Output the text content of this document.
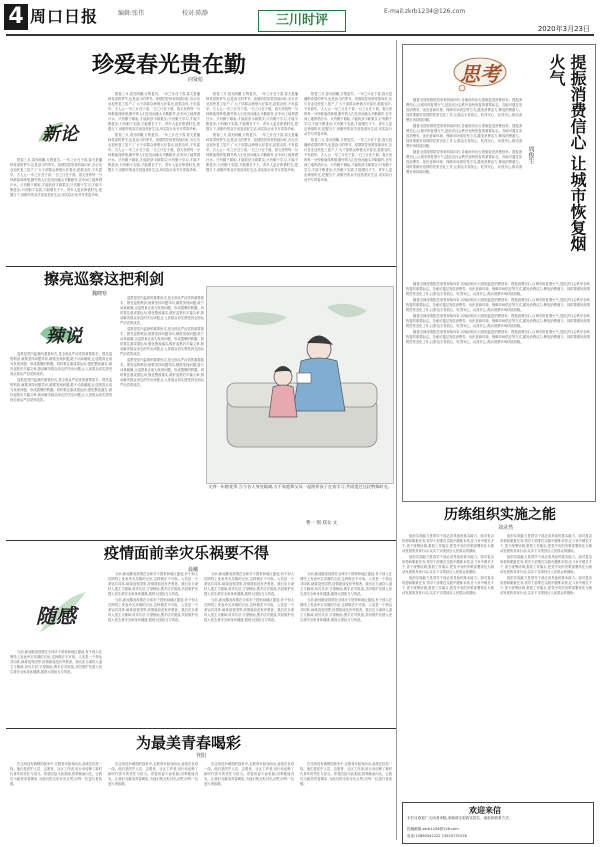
4 周口日报	编辑:张伟	校对:陈静	三川时评
E-mail:zkrb1234@126.com
2020年3月23日
珍爱春光贵在勤
向贤彪
新论

阳春三月,春光明媚,万物复苏。一年之计在于春,春天是播种希望的季节,也是奋斗的季节。疫情防控形势持续向好,各行各业加快复工复产,广大干部群众珍惜大好春光,抢抓农时,不负韶华。古人云:一年之计在于春,一日之计在于晨。春天里的每一分钟都值得珍惜,勤劳的人们在田间地头辛勤耕作,在车间工地挥洒汗水。只有勤于耕耘,才能收获丰硕果实;只有勤于学习,才能不断进步;只有勤于实践,才能增长才干。青年人更应珍惜时光,把握当下,用勤劳的双手创造美好生活,用实际行动书写青春华章。

阳春三月,春光明媚,万物复苏。一年之计在于春,春天是播种希望的季节,也是奋斗的季节。疫情防控形势持续向好,各行各业加快复工复产,广大干部群众珍惜大好春光,抢抓农时,不负韶华。古人云:一年之计在于春,一日之计在于晨。春天里的每一分钟都值得珍惜,勤劳的人们在田间地头辛勤耕作,在车间工地挥洒汗水。只有勤于耕耘,才能收获丰硕果实;只有勤于学习,才能不断进步;只有勤于实践,才能增长才干。青年人更应珍惜时光,把握当下,用勤劳的双手创造美好生活,用实际行动书写青春华章。

阳春三月,春光明媚,万物复苏。一年之计在于春,春天是播种希望的季节,也是奋斗的季节。疫情防控形势持续向好,各行各业加快复工复产,广大干部群众珍惜大好春光,抢抓农时,不负韶华。古人云:一年之计在于春,一日之计在于晨。春天里的每一分钟都值得珍惜,勤劳的人们在田间地头辛勤耕作,在车间工地挥洒汗水。只有勤于耕耘,才能收获丰硕果实;只有勤于学习,才能不断进步;只有勤于实践,才能增长才干。青年人更应珍惜时光,把握当下,用勤劳的双手创造美好生活,用实际行动书写青春华章。

阳春三月,春光明媚,万物复苏。一年之计在于春,春天是播种希望的季节,也是奋斗的季节。疫情防控形势持续向好,各行各业加快复工复产,广大干部群众珍惜大好春光,抢抓农时,不负韶华。古人云:一年之计在于春,一日之计在于晨。春天里的每一分钟都值得珍惜,勤劳的人们在田间地头辛勤耕作,在车间工地挥洒汗水。只有勤于耕耘,才能收获丰硕果实;只有勤于学习,才能不断进步;只有勤于实践,才能增长才干。青年人更应珍惜时光,把握当下,用勤劳的双手创造美好生活,用实际行动书写青春华章。

阳春三月,春光明媚,万物复苏。一年之计在于春,春天是播种希望的季节,也是奋斗的季节。疫情防控形势持续向好,各行各业加快复工复产,广大干部群众珍惜大好春光,抢抓农时,不负韶华。古人云:一年之计在于春,一日之计在于晨。春天里的每一分钟都值得珍惜,勤劳的人们在田间地头辛勤耕作,在车间工地挥洒汗水。只有勤于耕耘,才能收获丰硕果实;只有勤于学习,才能不断进步;只有勤于实践,才能增长才干。青年人更应珍惜时光,把握当下,用勤劳的双手创造美好生活,用实际行动书写青春华章。

阳春三月,春光明媚,万物复苏。一年之计在于春,春天是播种希望的季节,也是奋斗的季节。疫情防控形势持续向好,各行各业加快复工复产,广大干部群众珍惜大好春光,抢抓农时,不负韶华。古人云:一年之计在于春,一日之计在于晨。春天里的每一分钟都值得珍惜,勤劳的人们在田间地头辛勤耕作,在车间工地挥洒汗水。只有勤于耕耘,才能收获丰硕果实;只有勤于学习,才能不断进步;只有勤于实践,才能增长才干。青年人更应珍惜时光,把握当下,用勤劳的双手创造美好生活,用实际行动书写青春华章。

阳春三月,春光明媚,万物复苏。一年之计在于春,春天是播种希望的季节,也是奋斗的季节。疫情防控形势持续向好,各行各业加快复工复产,广大干部群众珍惜大好春光,抢抓农时,不负韶华。古人云:一年之计在于春,一日之计在于晨。春天里的每一分钟都值得珍惜,勤劳的人们在田间地头辛勤耕作,在车间工地挥洒汗水。只有勤于耕耘,才能收获丰硕果实;只有勤于学习,才能不断进步;只有勤于实践,才能增长才干。青年人更应珍惜时光,把握当下,用勤劳的双手创造美好生活,用实际行动书写青春华章。

擦亮巡察这把利剑
魏晓寒
辣说

巡察是党内监督的重要形式,是全面从严治党的重要抓手。擦亮巡察利剑,就要坚持问题导向,精准发现问题,敢于动真碰硬,让巡察真正成为发现问题、形成震慑的利器。同时要注重成果运用,强化整改落实,做好巡察后半篇文章,推动解决群众身边的突出问题,让人民群众切实感受到全面从严治党的成效。

巡察是党内监督的重要形式,是全面从严治党的重要抓手。擦亮巡察利剑,就要坚持问题导向,精准发现问题,敢于动真碰硬,让巡察真正成为发现问题、形成震慑的利器。同时要注重成果运用,强化整改落实,做好巡察后半篇文章,推动解决群众身边的突出问题,让人民群众切实感受到全面从严治党的成效。

巡察是党内监督的重要形式,是全面从严治党的重要抓手。擦亮巡察利剑,就要坚持问题导向,精准发现问题,敢于动真碰硬,让巡察真正成为发现问题、形成震慑的利器。同时要注重成果运用,强化整改落实,做好巡察后半篇文章,推动解决群众身边的突出问题,让人民群众切实感受到全面从严治党的成效。

巡察是党内监督的重要形式,是全面从严治党的重要抓手。擦亮巡察利剑,就要坚持问题导向,精准发现问题,敢于动真碰硬,让巡察真正成为发现问题、形成震慑的利器。同时要注重成果运用,强化整改落实,做好巡察后半篇文章,推动解决群众身边的突出问题,让人民群众切实感受到全面从严治党的成效。

巡察是党内监督的重要形式,是全面从严治党的重要抓手。擦亮巡察利剑,就要坚持问题导向,精准发现问题,敢于动真碰硬,让巡察真正成为发现问题、形成震慑的利器。同时要注重成果运用,强化整改落实,做好巡察后半篇文章,推动解决群众身边的突出问题,让人民群众切实感受到全面从严治党的成效。

又到一年植花季,当今各人身处隔离,万千家庭和父母一起陪伴孩子在家学习,共同度过这段特殊时光。
曹一 图 郑女 文
疫情面前幸灾乐祸要不得
晨曦
随感

当前,新冠肺炎疫情在全球多个国家和地区蔓延,有个别人在网络上发表幸灾乐祸的言论,这种做法不可取。人类是一个命运共同体,病毒没有国界,疫情面前没有旁观者。我们应当秉持人道主义精神,同舟共济,守望相助,携手应对挑战,共同维护各国人民生命安全和身体健康,展现大国担当与风范。

当前,新冠肺炎疫情在全球多个国家和地区蔓延,有个别人在网络上发表幸灾乐祸的言论,这种做法不可取。人类是一个命运共同体,病毒没有国界,疫情面前没有旁观者。我们应当秉持人道主义精神,同舟共济,守望相助,携手应对挑战,共同维护各国人民生命安全和身体健康,展现大国担当与风范。

当前,新冠肺炎疫情在全球多个国家和地区蔓延,有个别人在网络上发表幸灾乐祸的言论,这种做法不可取。人类是一个命运共同体,病毒没有国界,疫情面前没有旁观者。我们应当秉持人道主义精神,同舟共济,守望相助,携手应对挑战,共同维护各国人民生命安全和身体健康,展现大国担当与风范。

当前,新冠肺炎疫情在全球多个国家和地区蔓延,有个别人在网络上发表幸灾乐祸的言论,这种做法不可取。人类是一个命运共同体,病毒没有国界,疫情面前没有旁观者。我们应当秉持人道主义精神,同舟共济,守望相助,携手应对挑战,共同维护各国人民生命安全和身体健康,展现大国担当与风范。

当前,新冠肺炎疫情在全球多个国家和地区蔓延,有个别人在网络上发表幸灾乐祸的言论,这种做法不可取。人类是一个命运共同体,病毒没有国界,疫情面前没有旁观者。我们应当秉持人道主义精神,同舟共济,守望相助,携手应对挑战,共同维护各国人民生命安全和身体健康,展现大国担当与风范。

当前,新冠肺炎疫情在全球多个国家和地区蔓延,有个别人在网络上发表幸灾乐祸的言论,这种做法不可取。人类是一个命运共同体,病毒没有国界,疫情面前没有旁观者。我们应当秉持人道主义精神,同舟共济,守望相助,携手应对挑战,共同维护各国人民生命安全和身体健康,展现大国担当与风范。

当前,新冠肺炎疫情在全球多个国家和地区蔓延,有个别人在网络上发表幸灾乐祸的言论,这种做法不可取。人类是一个命运共同体,病毒没有国界,疫情面前没有旁观者。我们应当秉持人道主义精神,同舟共济,守望相助,携手应对挑战,共同维护各国人民生命安全和身体健康,展现大国担当与风范。

为最美青春喝彩
登阳

在这场没有硝烟的战争中,无数青年挺身而出,奋战在抗疫一线。他们是医护人员、志愿者、社区工作者,用行动诠释了新时代青年的责任与担当。青春因奋斗而美丽,因奉献而闪光。让我们为最美青春喝彩,为他们的无私付出点赞,向每一位逆行者致敬。

在这场没有硝烟的战争中,无数青年挺身而出,奋战在抗疫一线。他们是医护人员、志愿者、社区工作者,用行动诠释了新时代青年的责任与担当。青春因奋斗而美丽,因奉献而闪光。让我们为最美青春喝彩,为他们的无私付出点赞,向每一位逆行者致敬。

在这场没有硝烟的战争中,无数青年挺身而出,奋战在抗疫一线。他们是医护人员、志愿者、社区工作者,用行动诠释了新时代青年的责任与担当。青春因奋斗而美丽,因奉献而闪光。让我们为最美青春喝彩,为他们的无私付出点赞,向每一位逆行者致敬。

在这场没有硝烟的战争中,无数青年挺身而出,奋战在抗疫一线。他们是医护人员、志愿者、社区工作者,用行动诠释了新时代青年的责任与担当。青春因奋斗而美丽,因奉献而闪光。让我们为最美青春喝彩,为他们的无私付出点赞,向每一位逆行者致敬。

思考	提振消费信心 让城市恢复烟火气
周俊生

随着全国疫情防控形势持续向好,各地纷纷出台措施促进消费回补。提振消费信心,让城市恢复烟火气,是经济社会秩序加快恢复的重要标志。各地可通过发放消费券、优化营商环境、保障市场供应等方式,激发消费活力,释放消费潜力。同时要做好疫情防控常态化工作,让群众买得放心、吃得安心、玩得开心,推动消费市场持续回暖。

随着全国疫情防控形势持续向好,各地纷纷出台措施促进消费回补。提振消费信心,让城市恢复烟火气,是经济社会秩序加快恢复的重要标志。各地可通过发放消费券、优化营商环境、保障市场供应等方式,激发消费活力,释放消费潜力。同时要做好疫情防控常态化工作,让群众买得放心、吃得安心、玩得开心,推动消费市场持续回暖。

随着全国疫情防控形势持续向好,各地纷纷出台措施促进消费回补。提振消费信心,让城市恢复烟火气,是经济社会秩序加快恢复的重要标志。各地可通过发放消费券、优化营商环境、保障市场供应等方式,激发消费活力,释放消费潜力。同时要做好疫情防控常态化工作,让群众买得放心、吃得安心、玩得开心,推动消费市场持续回暖。

随着全国疫情防控形势持续向好,各地纷纷出台措施促进消费回补。提振消费信心,让城市恢复烟火气,是经济社会秩序加快恢复的重要标志。各地可通过发放消费券、优化营商环境、保障市场供应等方式,激发消费活力,释放消费潜力。同时要做好疫情防控常态化工作,让群众买得放心、吃得安心、玩得开心,推动消费市场持续回暖。

随着全国疫情防控形势持续向好,各地纷纷出台措施促进消费回补。提振消费信心,让城市恢复烟火气,是经济社会秩序加快恢复的重要标志。各地可通过发放消费券、优化营商环境、保障市场供应等方式,激发消费活力,释放消费潜力。同时要做好疫情防控常态化工作,让群众买得放心、吃得安心、玩得开心,推动消费市场持续回暖。

随着全国疫情防控形势持续向好,各地纷纷出台措施促进消费回补。提振消费信心,让城市恢复烟火气,是经济社会秩序加快恢复的重要标志。各地可通过发放消费券、优化营商环境、保障市场供应等方式,激发消费活力,释放消费潜力。同时要做好疫情防控常态化工作,让群众买得放心、吃得安心、玩得开心,推动消费市场持续回暖。

随着全国疫情防控形势持续向好,各地纷纷出台措施促进消费回补。提振消费信心,让城市恢复烟火气,是经济社会秩序加快恢复的重要标志。各地可通过发放消费券、优化营商环境、保障市场供应等方式,激发消费活力,释放消费潜力。同时要做好疫情防控常态化工作,让群众买得放心、吃得安心、玩得开心,推动消费市场持续回暖。

历练组织实施之能
刘录然

组织实施能力是领导干部必须具备的基本能力。面对复杂形势和繁重任务,领导干部要在实践中磨炼本领,在斗争中增长才干,善于统筹协调,狠抓工作落实,把党中央的决策部署转化为推动发展的具体行动,以实干实绩回应人民群众的期盼。

组织实施能力是领导干部必须具备的基本能力。面对复杂形势和繁重任务,领导干部要在实践中磨炼本领,在斗争中增长才干,善于统筹协调,狠抓工作落实,把党中央的决策部署转化为推动发展的具体行动,以实干实绩回应人民群众的期盼。

组织实施能力是领导干部必须具备的基本能力。面对复杂形势和繁重任务,领导干部要在实践中磨炼本领,在斗争中增长才干,善于统筹协调,狠抓工作落实,把党中央的决策部署转化为推动发展的具体行动,以实干实绩回应人民群众的期盼。

组织实施能力是领导干部必须具备的基本能力。面对复杂形势和繁重任务,领导干部要在实践中磨炼本领,在斗争中增长才干,善于统筹协调,狠抓工作落实,把党中央的决策部署转化为推动发展的具体行动,以实干实绩回应人民群众的期盼。

组织实施能力是领导干部必须具备的基本能力。面对复杂形势和繁重任务,领导干部要在实践中磨炼本领,在斗争中增长才干,善于统筹协调,狠抓工作落实,把党中央的决策部署转化为推动发展的具体行动,以实干实绩回应人民群众的期盼。

组织实施能力是领导干部必须具备的基本能力。面对复杂形势和繁重任务,领导干部要在实践中磨炼本领,在斗争中增长才干,善于统筹协调,狠抓工作落实,把党中央的决策部署转化为推动发展的具体行动,以实干实绩回应人民群众的期盼。

欢迎来信
本栏目欢迎广大读者来稿,来稿请注明真实姓名、地址和联系方式。
投稿邮箱:zkrb1234@126.com
电话:15890541222 13525731576
